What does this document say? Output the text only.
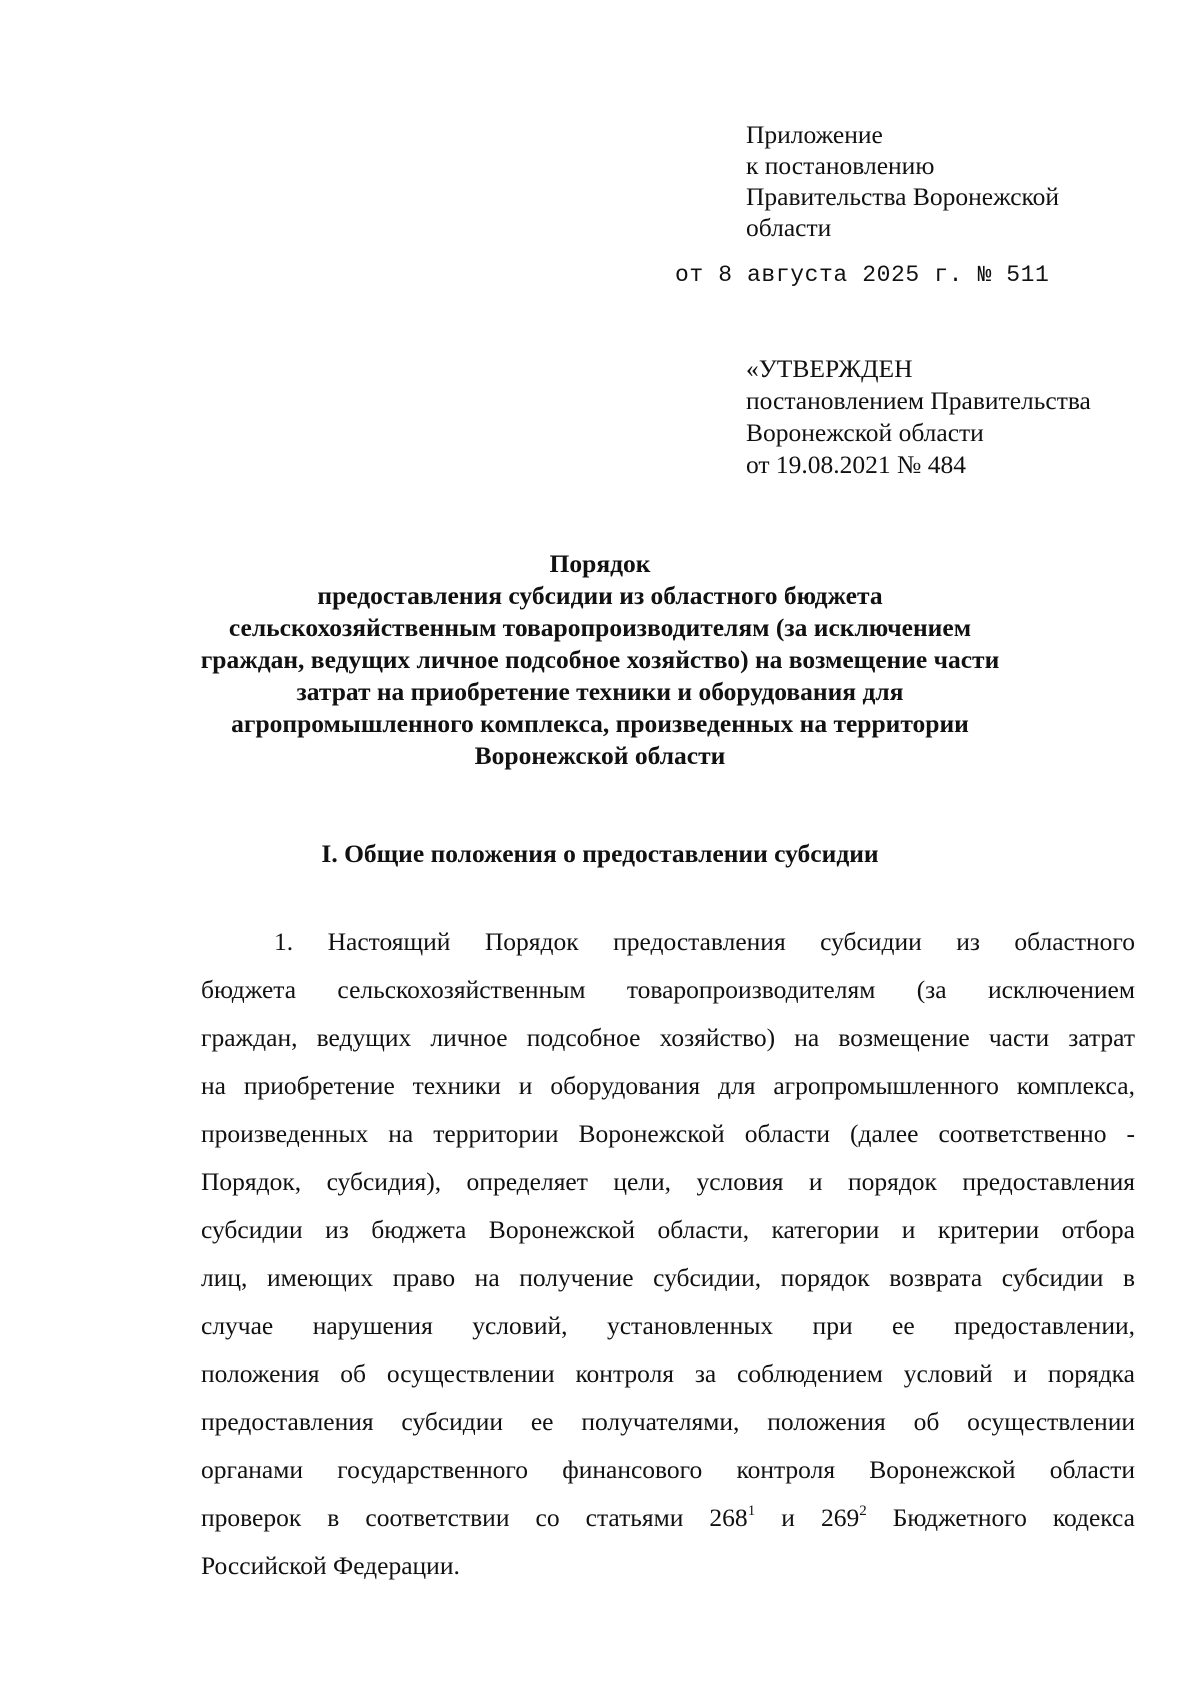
Приложение
к постановлению
Правительства Воронежской
области
от 8 августа 2025 г. № 511
«УТВЕРЖДЕН
постановлением Правительства
Воронежской области
от 19.08.2021 № 484
Порядок
предоставления субсидии из областного бюджета
сельскохозяйственным товаропроизводителям (за исключением
граждан, ведущих личное подсобное хозяйство) на возмещение части
затрат на приобретение техники и оборудования для
агропромышленного комплекса, произведенных на территории
Воронежской области
I. Общие положения о предоставлении субсидии
1. Настоящий Порядок предоставления субсидии из областного
бюджета сельскохозяйственным товаропроизводителям (за исключением
граждан, ведущих личное подсобное хозяйство) на возмещение части затрат
на приобретение техники и оборудования для агропромышленного комплекса,
произведенных на территории Воронежской области (далее соответственно -
Порядок, субсидия), определяет цели, условия и порядок предоставления
субсидии из бюджета Воронежской области, категории и критерии отбора
лиц, имеющих право на получение субсидии, порядок возврата субсидии в
случае нарушения условий, установленных при ее предоставлении,
положения об осуществлении контроля за соблюдением условий и порядка
предоставления субсидии ее получателями, положения об осуществлении
органами государственного финансового контроля Воронежской области
проверок в соответствии со статьями $268^1$ и $269^2$ Бюджетного кодекса
Российской Федерации.
